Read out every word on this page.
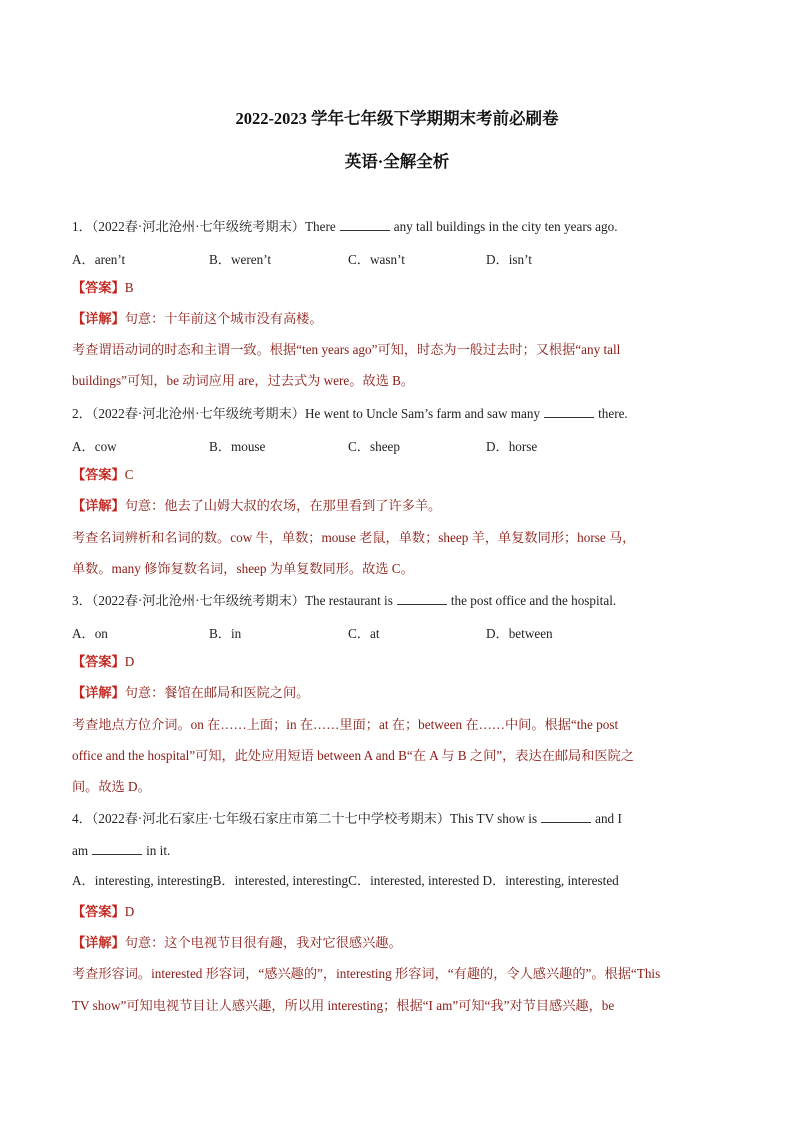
2022-2023 学年七年级下学期期末考前必刷卷
英语·全解全析
1．（2022春·河北沧州·七年级统考期末）There	any tall buildings in the city ten years ago.
A．aren’t	B．weren’t	C．wasn’t	D．isn’t
【答案】B
【详解】句意：十年前这个城市没有高楼。
考查谓语动词的时态和主谓一致。根据“ten years ago”可知，时态为一般过去时；又根据“any tall
buildings”可知，be 动词应用 are，过去式为 were。故选 B。
2．（2022春·河北沧州·七年级统考期末）He went to Uncle Sam’s farm and saw many	there.
A．cow	B．mouse	C．sheep	D．horse
【答案】C
【详解】句意：他去了山姆大叔的农场，在那里看到了许多羊。
考查名词辨析和名词的数。cow 牛，单数；mouse 老鼠，单数；sheep 羊，单复数同形；horse 马，
单数。many 修饰复数名词，sheep 为单复数同形。故选 C。
3．（2022春·河北沧州·七年级统考期末）The restaurant is	the post office and the hospital.
A．on	B．in	C．at	D．between
【答案】D
【详解】句意：餐馆在邮局和医院之间。
考查地点方位介词。on 在……上面；in 在……里面；at 在；between 在……中间。根据“the post
office and the hospital”可知，此处应用短语 between A and B“在 A 与 B 之间”，表达在邮局和医院之
间。故选 D。
4．（2022春·河北石家庄·七年级石家庄市第二十七中学校考期末）This TV show is	and I
am	in it.
A．interesting, interestingB．interested, interestingC．interested, interested D．interesting, interested
【答案】D
【详解】句意：这个电视节目很有趣，我对它很感兴趣。
考查形容词。interested 形容词，“感兴趣的”，interesting 形容词，“有趣的，令人感兴趣的”。根据“This
TV show”可知电视节目让人感兴趣，所以用 interesting；根据“I am”可知“我”对节目感兴趣，be
